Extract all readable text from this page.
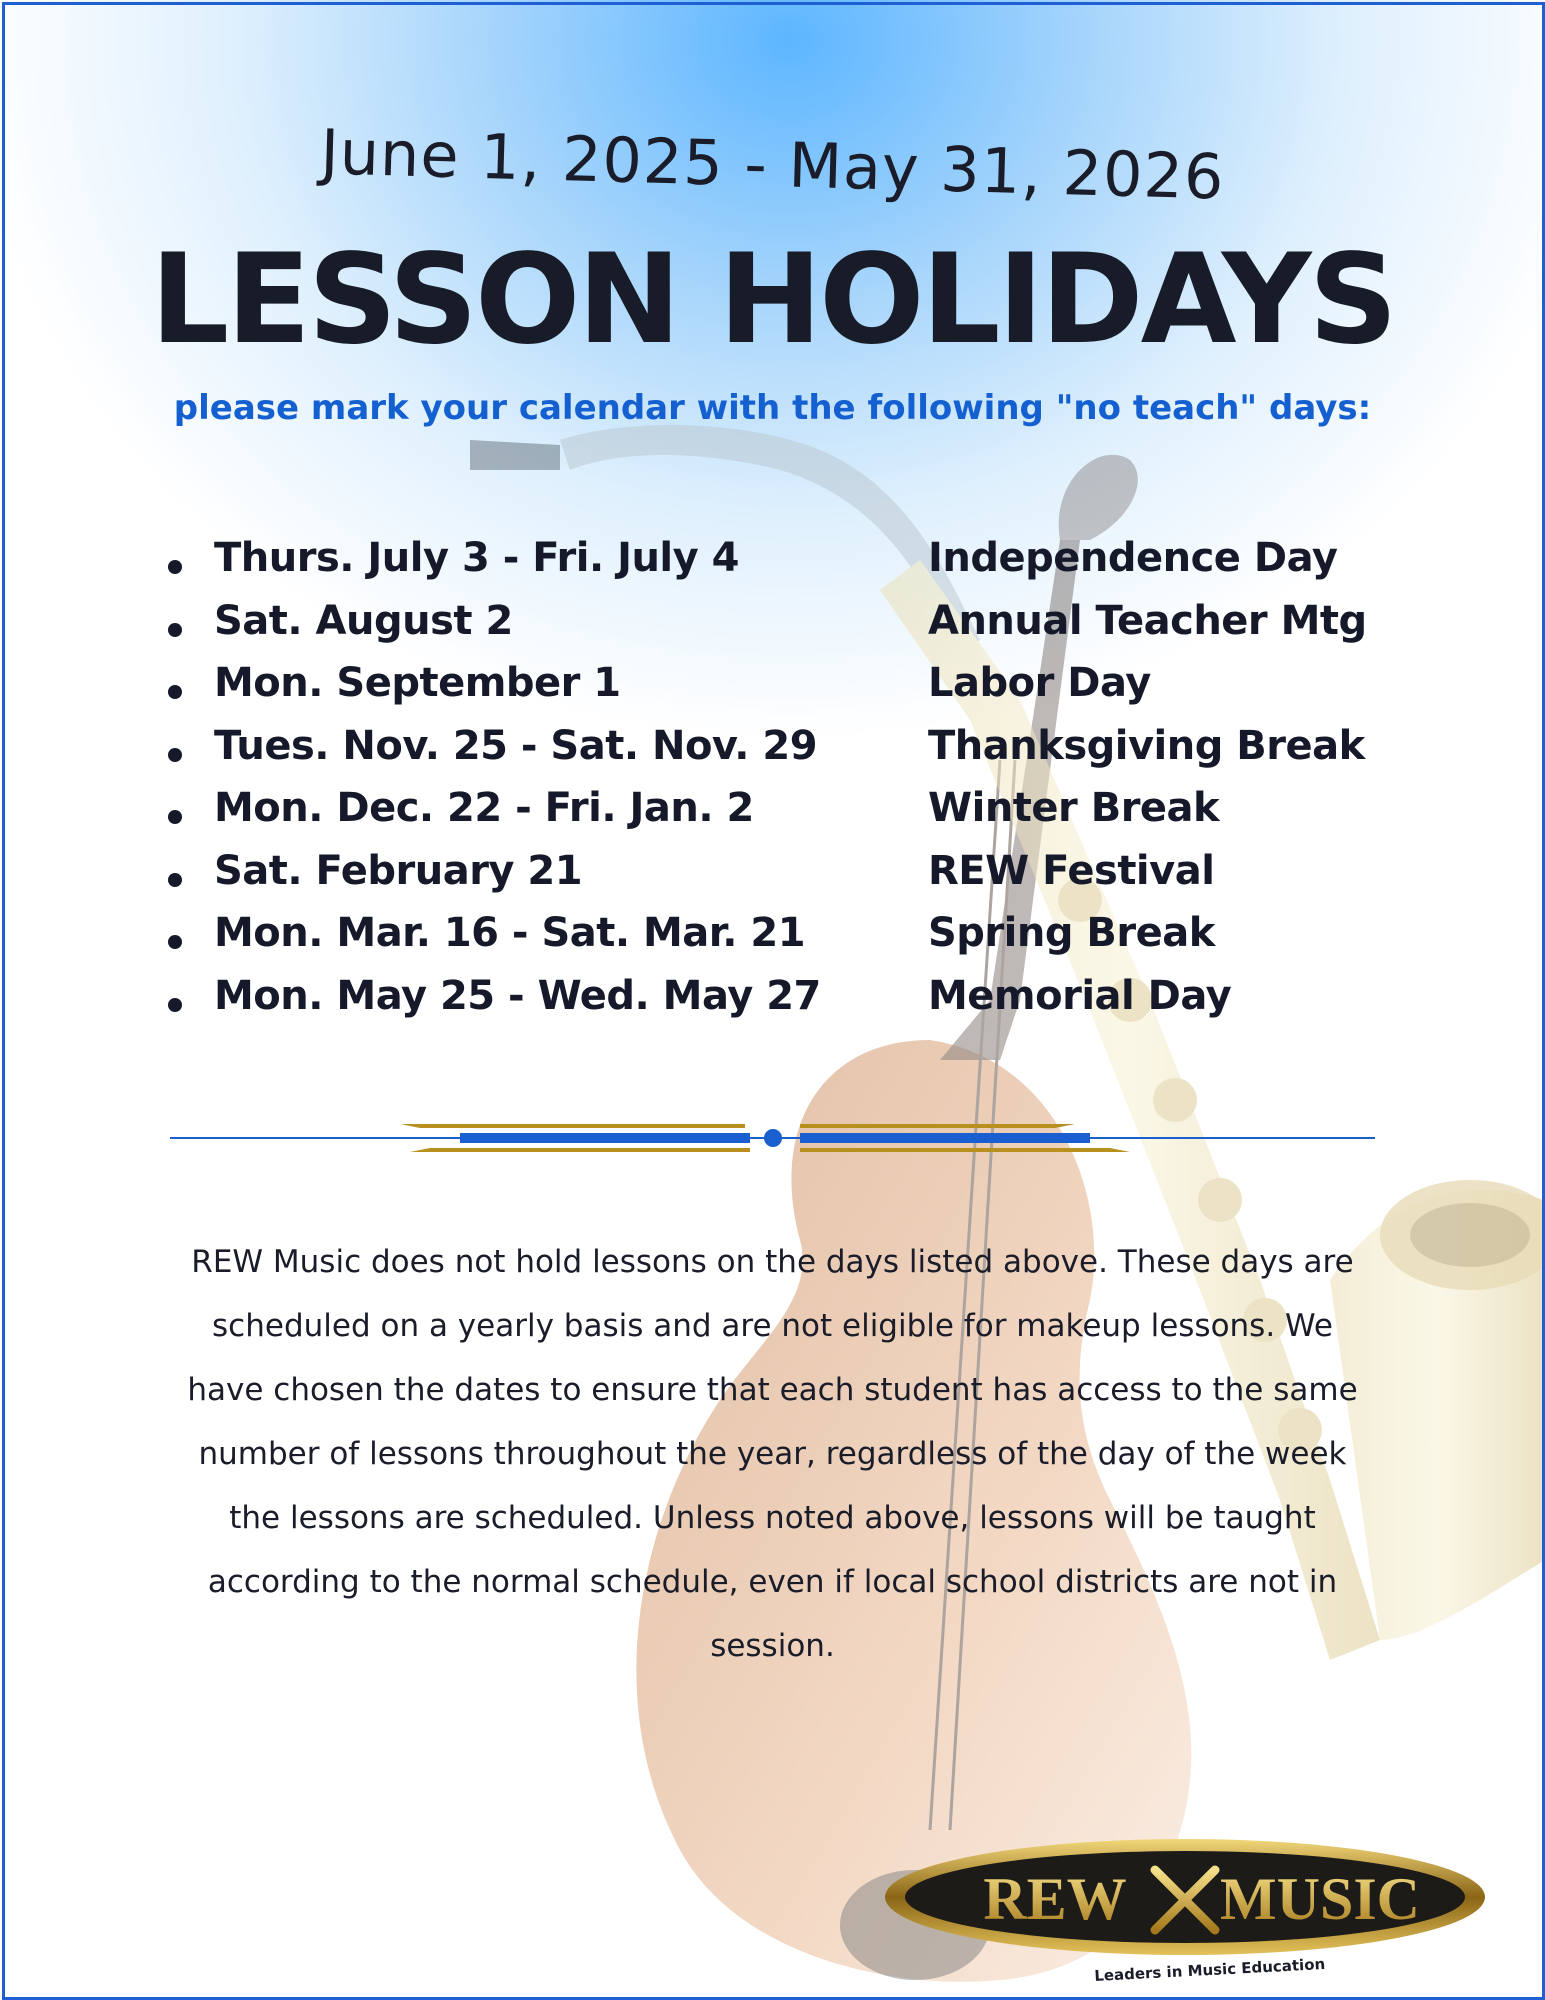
June 1, 2025 - May 31, 2026
LESSON HOLIDAYS
please mark your calendar with the following "no teach" days:
Thurs. July 3 - Fri. July 4	Independence Day
Sat. August 2	Annual Teacher Mtg
Mon. September 1	Labor Day
Tues. Nov. 25 - Sat. Nov. 29	Thanksgiving Break
Mon. Dec. 22 - Fri. Jan. 2	Winter Break
Sat. February 21	REW Festival
Mon. Mar. 16 - Sat. Mar. 21	Spring Break
Mon. May 25 - Wed. May 27	Memorial Day
REW Music does not hold lessons on the days listed above. These days are scheduled on a yearly basis and are not eligible for makeup lessons. We have chosen the dates to ensure that each student has access to the same number of lessons throughout the year, regardless of the day of the week the lessons are scheduled. Unless noted above, lessons will be taught according to the normal schedule, even if local school districts are not in session.
REW MUSIC
Leaders in Music Education
